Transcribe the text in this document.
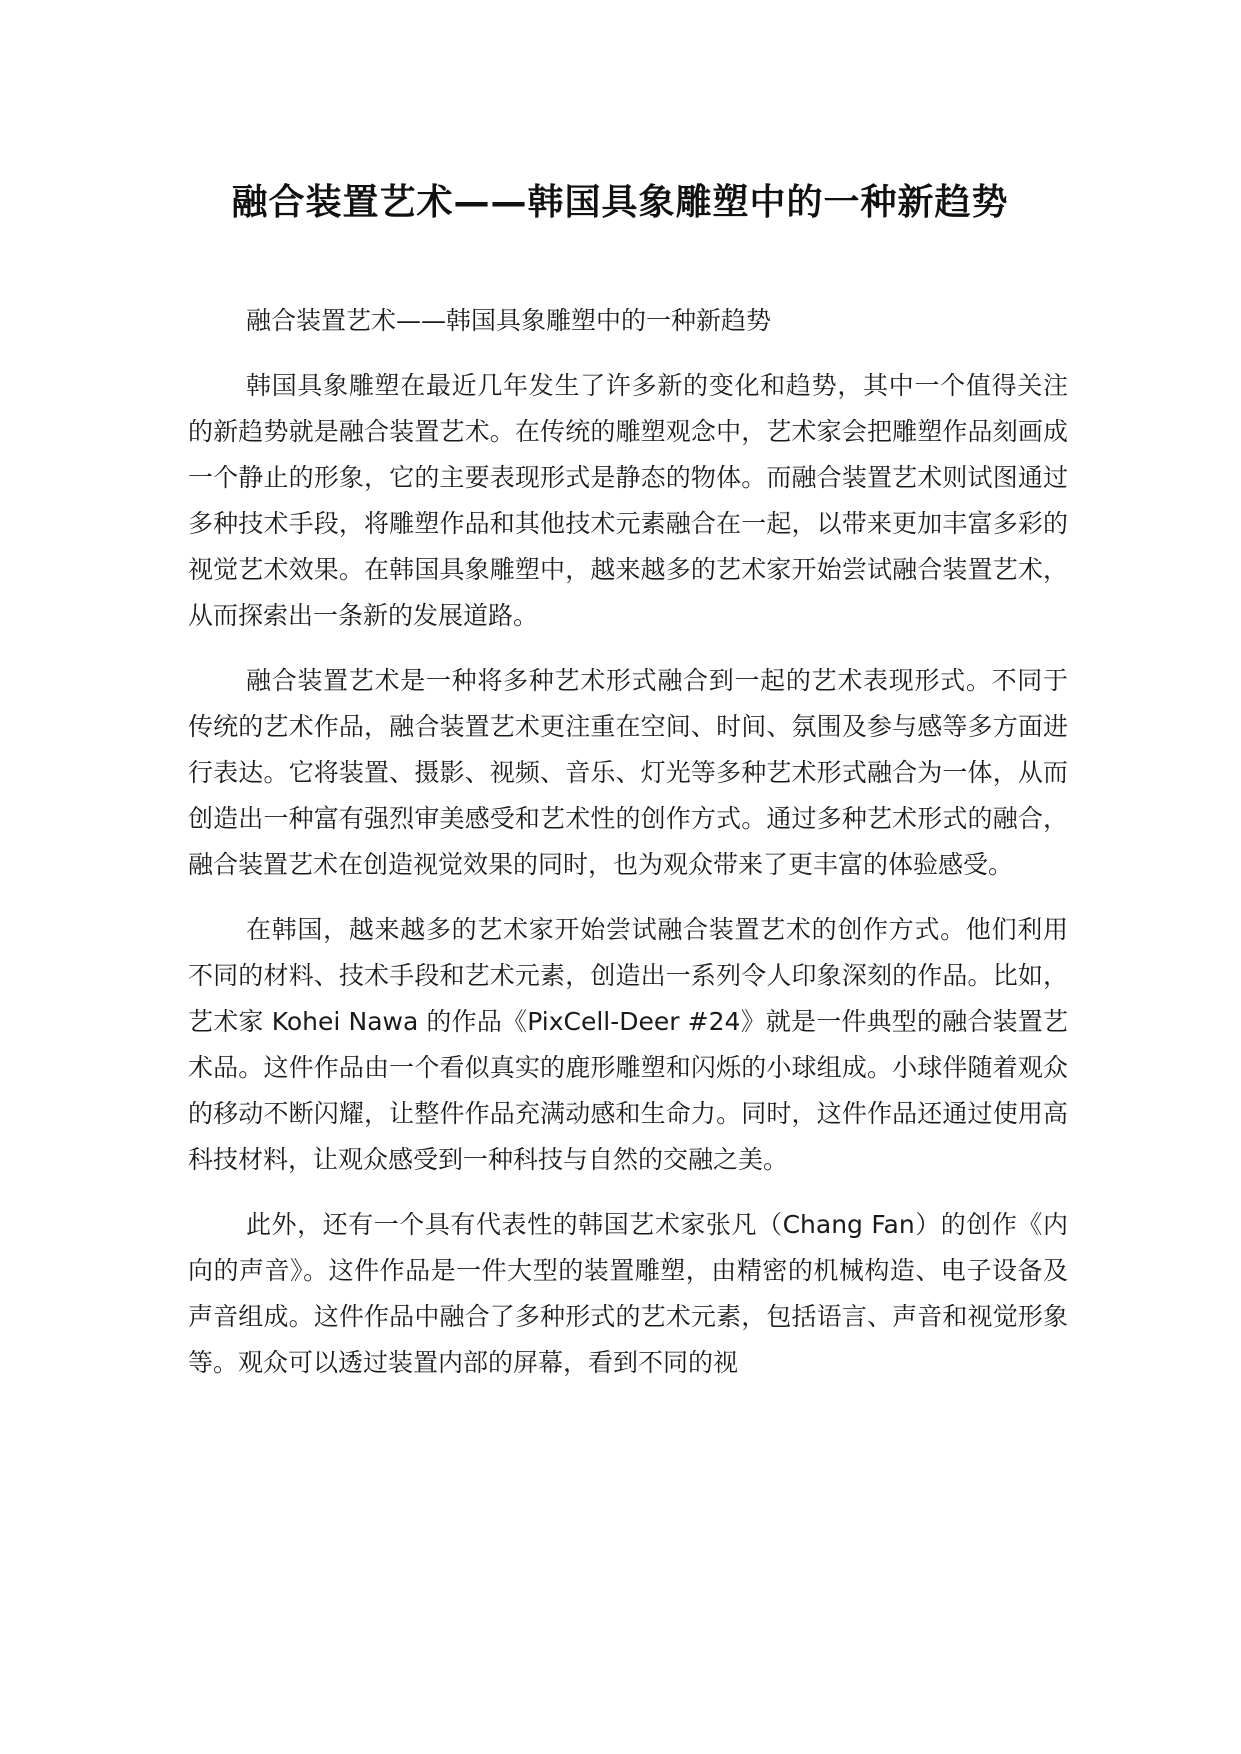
融合装置艺术——韩国具象雕塑中的一种新趋势

融合装置艺术——韩国具象雕塑中的一种新趋势

韩国具象雕塑在最近几年发生了许多新的变化和趋势，其中一个值得关注的新趋势就是融合装置艺术。在传统的雕塑观念中，艺术家会把雕塑作品刻画成一个静止的形象，它的主要表现形式是静态的物体。而融合装置艺术则试图通过多种技术手段，将雕塑作品和其他技术元素融合在一起，以带来更加丰富多彩的视觉艺术效果。在韩国具象雕塑中，越来越多的艺术家开始尝试融合装置艺术，从而探索出一条新的发展道路。

融合装置艺术是一种将多种艺术形式融合到一起的艺术表现形式。不同于传统的艺术作品，融合装置艺术更注重在空间、时间、氛围及参与感等多方面进行表达。它将装置、摄影、视频、音乐、灯光等多种艺术形式融合为一体，从而创造出一种富有强烈审美感受和艺术性的创作方式。通过多种艺术形式的融合，融合装置艺术在创造视觉效果的同时，也为观众带来了更丰富的体验感受。

在韩国，越来越多的艺术家开始尝试融合装置艺术的创作方式。他们利用不同的材料、技术手段和艺术元素，创造出一系列令人印象深刻的作品。比如，艺术家 Kohei Nawa 的作品《PixCell-Deer #24》就是一件典型的融合装置艺术品。这件作品由一个看似真实的鹿形雕塑和闪烁的小球组成。小球伴随着观众的移动不断闪耀，让整件作品充满动感和生命力。同时，这件作品还通过使用高科技材料，让观众感受到一种科技与自然的交融之美。

此外，还有一个具有代表性的韩国艺术家张凡（Chang Fan）的创作《内向的声音》。这件作品是一件大型的装置雕塑，由精密的机械构造、电子设备及声音组成。这件作品中融合了多种形式的艺术元素，包括语言、声音和视觉形象等。观众可以透过装置内部的屏幕，看到不同的视
